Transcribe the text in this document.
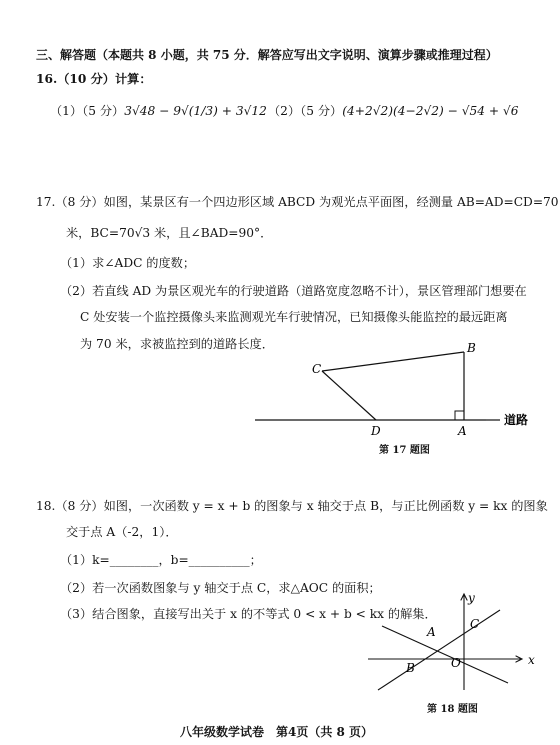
三、解答题（本题共 8 小题，共 75 分．解答应写出文字说明、演算步骤或推理过程）
16.（10 分）计算：
（1）（5 分）3√48 − 9√(1/3) + 3√12 （2）（5 分）(4+2√2)(4−2√2) − √54 + √6
17.（8 分）如图，某景区有一个四边形区域 ABCD 为观光点平面图，经测量 AB=AD=CD=70
米，BC=70√3 米，且∠BAD=90°．
（1）求∠ADC 的度数；
（2）若直线 AD 为景区观光车的行驶道路（道路宽度忽略不计），景区管理部门想要在
C 处安装一个监控摄像头来监测观光车行驶情况，已知摄像头能监控的最远距离
为 70 米，求被监控到的道路长度．
C
B
D	A
道路
第 17 题图
18.（8 分）如图，一次函数 y = x + b 的图象与 x 轴交于点 B，与正比例函数 y = kx 的图象
交于点 A（-2，1）．
（1）k=________，b=__________；
（2）若一次函数图象与 y 轴交于点 C，求△AOC 的面积；
（3）结合图象，直接写出关于 x 的不等式 0 < x + b < kx 的解集．
x
y
A
C
B	O
第 18 题图
八年级数学试卷　第4页（共 8 页）
